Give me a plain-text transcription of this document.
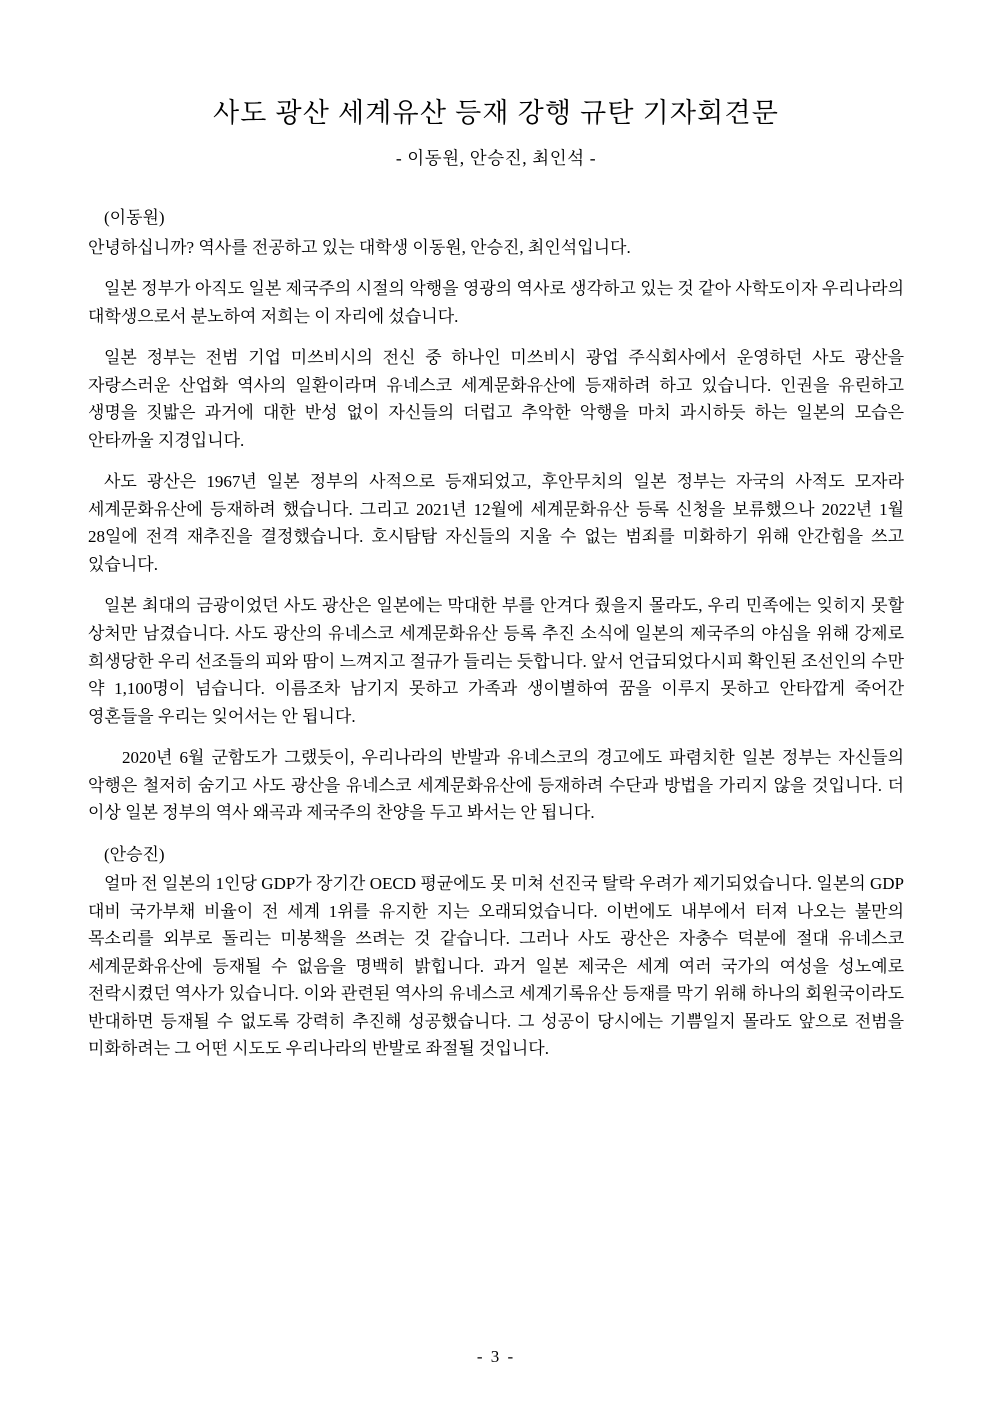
사도 광산 세계유산 등재 강행 규탄 기자회견문
- 이동원, 안승진, 최인석 -
(이동원)

안녕하십니까? 역사를 전공하고 있는 대학생 이동원, 안승진, 최인석입니다.

일본 정부가 아직도 일본 제국주의 시절의 악행을 영광의 역사로 생각하고 있는 것 같아 사학도이자 우리나라의 대학생으로서 분노하여 저희는 이 자리에 섰습니다.

일본 정부는 전범 기업 미쓰비시의 전신 중 하나인 미쓰비시 광업 주식회사에서 운영하던 사도 광산을 자랑스러운 산업화 역사의 일환이라며 유네스코 세계문화유산에 등재하려 하고 있습니다. 인권을 유린하고 생명을 짓밟은 과거에 대한 반성 없이 자신들의 더럽고 추악한 악행을 마치 과시하듯 하는 일본의 모습은 안타까울 지경입니다.

사도 광산은 1967년 일본 정부의 사적으로 등재되었고, 후안무치의 일본 정부는 자국의 사적도 모자라 세계문화유산에 등재하려 했습니다. 그리고 2021년 12월에 세계문화유산 등록 신청을 보류했으나 2022년 1월 28일에 전격 재추진을 결정했습니다. 호시탐탐 자신들의 지울 수 없는 범죄를 미화하기 위해 안간힘을 쓰고 있습니다.

일본 최대의 금광이었던 사도 광산은 일본에는 막대한 부를 안겨다 줬을지 몰라도, 우리 민족에는 잊히지 못할 상처만 남겼습니다. 사도 광산의 유네스코 세계문화유산 등록 추진 소식에 일본의 제국주의 야심을 위해 강제로 희생당한 우리 선조들의 피와 땀이 느껴지고 절규가 들리는 듯합니다. 앞서 언급되었다시피 확인된 조선인의 수만 약 1,100명이 넘습니다. 이름조차 남기지 못하고 가족과 생이별하여 꿈을 이루지 못하고 안타깝게 죽어간 영혼들을 우리는 잊어서는 안 됩니다.

2020년 6월 군함도가 그랬듯이, 우리나라의 반발과 유네스코의 경고에도 파렴치한 일본 정부는 자신들의 악행은 철저히 숨기고 사도 광산을 유네스코 세계문화유산에 등재하려 수단과 방법을 가리지 않을 것입니다. 더 이상 일본 정부의 역사 왜곡과 제국주의 찬양을 두고 봐서는 안 됩니다.

(안승진)

얼마 전 일본의 1인당 GDP가 장기간 OECD 평균에도 못 미쳐 선진국 탈락 우려가 제기되었습니다. 일본의 GDP 대비 국가부채 비율이 전 세계 1위를 유지한 지는 오래되었습니다. 이번에도 내부에서 터져 나오는 불만의 목소리를 외부로 돌리는 미봉책을 쓰려는 것 같습니다. 그러나 사도 광산은 자충수 덕분에 절대 유네스코 세계문화유산에 등재될 수 없음을 명백히 밝힙니다. 과거 일본 제국은 세계 여러 국가의 여성을 성노예로 전락시켰던 역사가 있습니다. 이와 관련된 역사의 유네스코 세계기록유산 등재를 막기 위해 하나의 회원국이라도 반대하면 등재될 수 없도록 강력히 추진해 성공했습니다. 그 성공이 당시에는 기쁨일지 몰라도 앞으로 전범을 미화하려는 그 어떤 시도도 우리나라의 반발로 좌절될 것입니다.

- 3 -
